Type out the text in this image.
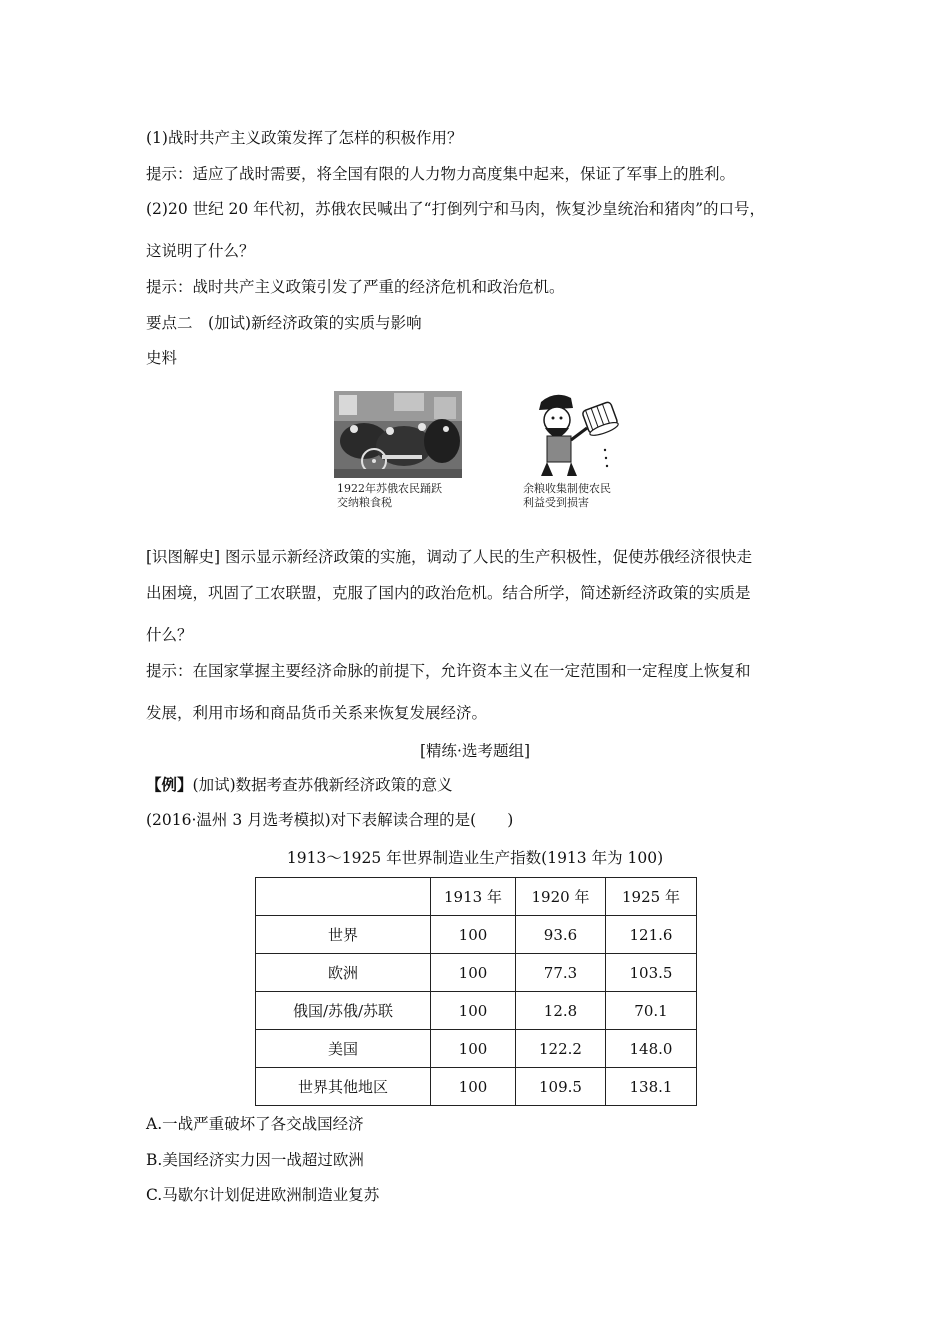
(1)战时共产主义政策发挥了怎样的积极作用？
提示：适应了战时需要，将全国有限的人力物力高度集中起来，保证了军事上的胜利。
(2)20 世纪 20 年代初，苏俄农民喊出了“打倒列宁和马肉，恢复沙皇统治和猪肉”的口号，
这说明了什么？
提示：战时共产主义政策引发了严重的经济危机和政治危机。
要点二　(加试)新经济政策的实质与影响
史料
1922年苏俄农民踊跃
交纳粮食税
余粮收集制使农民
利益受到损害
[识图解史] 图示显示新经济政策的实施，调动了人民的生产积极性，促使苏俄经济很快走
出困境，巩固了工农联盟，克服了国内的政治危机。结合所学，简述新经济政策的实质是
什么？
提示：在国家掌握主要经济命脉的前提下，允许资本主义在一定范围和一定程度上恢复和
发展，利用市场和商品货币关系来恢复发展经济。
[精练·选考题组]
【例】(加试)数据考查苏俄新经济政策的意义
(2016·温州 3 月选考模拟)对下表解读合理的是(　　)
1913～1925 年世界制造业生产指数(1913 年为 100)
	1913 年	1920 年	1925 年
世界	100	93.6	121.6
欧洲	100	77.3	103.5
俄国/苏俄/苏联	100	12.8	70.1
美国	100	122.2	148.0
世界其他地区	100	109.5	138.1
A.一战严重破坏了各交战国经济
B.美国经济实力因一战超过欧洲
C.马歇尔计划促进欧洲制造业复苏
